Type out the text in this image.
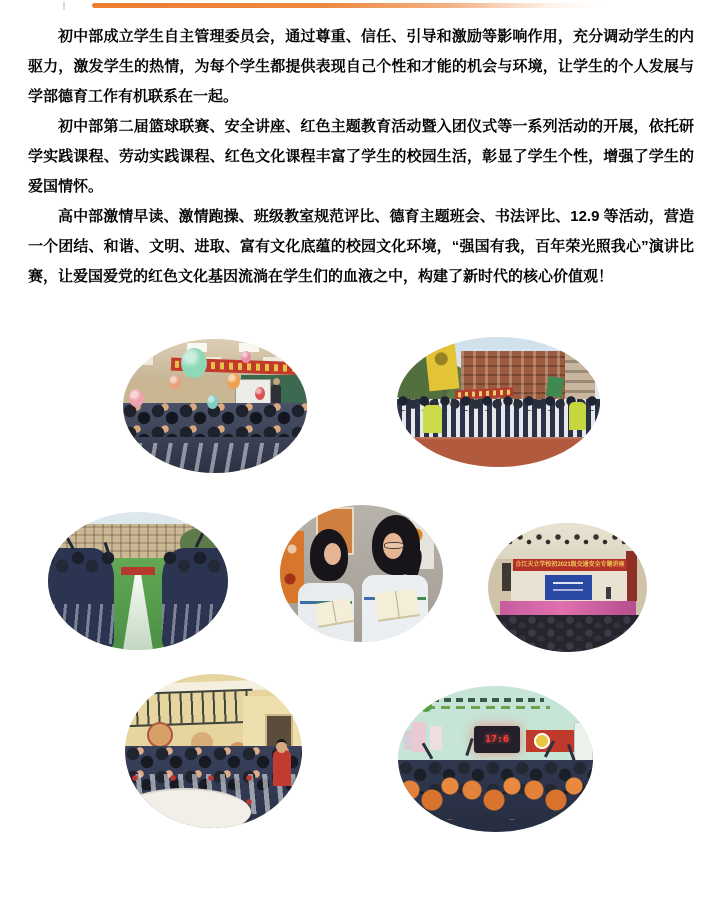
初中部成立学生自主管理委员会，通过尊重、信任、引导和激励等影响作用，充分调动学生的内驱力，激发学生的热情，为每个学生都提供表现自己个性和才能的机会与环境，让学生的个人发展与学部德育工作有机联系在一起。

初中部第二届篮球联赛、安全讲座、红色主题教育活动暨入团仪式等一系列活动的开展，依托研学实践课程、劳动实践课程、红色文化课程丰富了学生的校园生活，彰显了学生个性，增强了学生的爱国情怀。

高中部激情早读、激情跑操、班级教室规范评比、德育主题班会、书法评比、12.9 等活动，营造一个团结、和谐、文明、进取、富有文化底蕴的校园文化环境，“强国有我，百年荣光照我心”演讲比赛，让爱国爱党的红色文化基因流淌在学生们的血液之中，构建了新时代的核心价值观！

合江天立学校初2021级交通安全专题讲座
17:6
